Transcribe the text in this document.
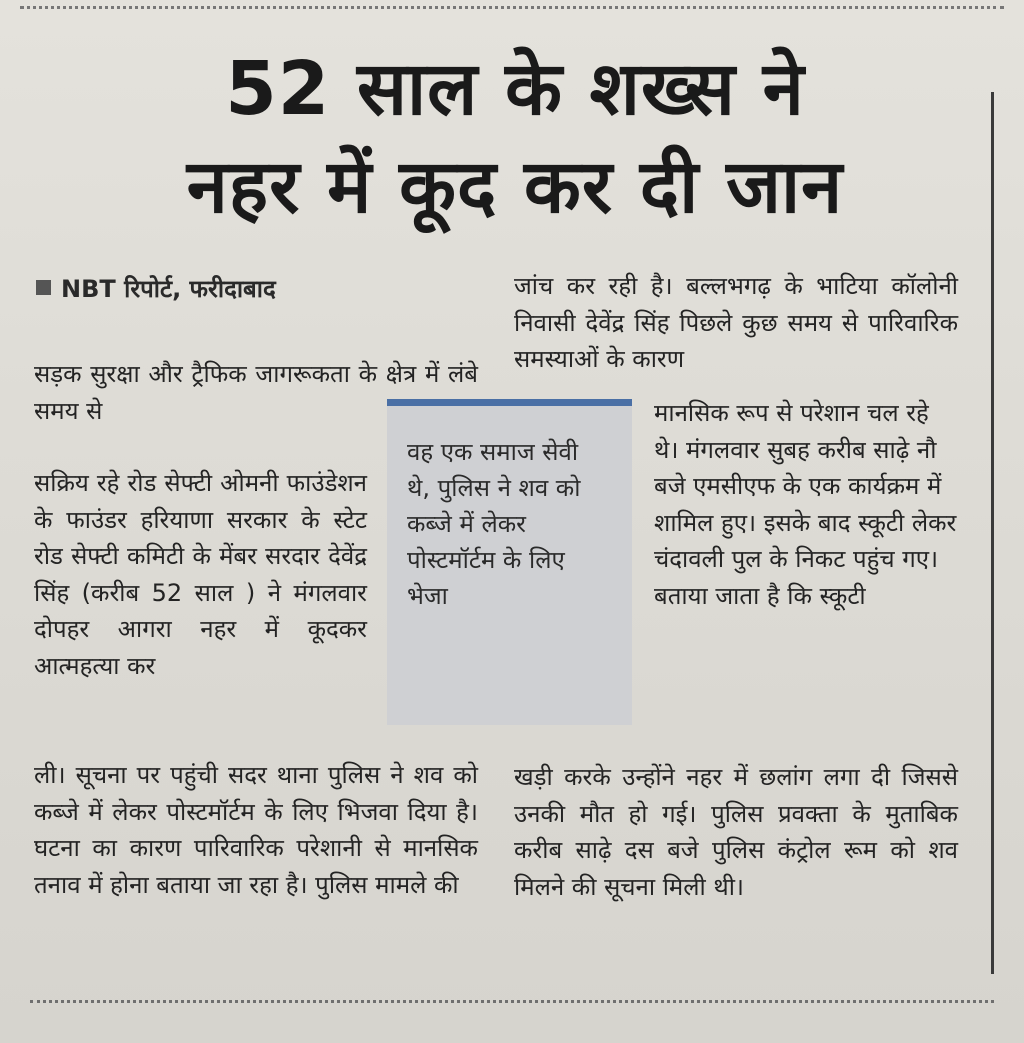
52 साल के शख्स ने
नहर में कूद कर दी जान
NBT रिपोर्ट, फरीदाबाद

सड़क सुरक्षा और ट्रैफिक जागरूकता के क्षेत्र में लंबे समय से

सक्रिय रहे रोड सेफ्टी ओमनी फाउंडेशन के फाउंडर हरियाणा सरकार के स्टेट रोड सेफ्टी कमिटी के मेंबर सरदार देवेंद्र सिंह (करीब 52 साल ) ने मंगलवार दोपहर आगरा नहर में कूदकर आत्महत्या कर

ली। सूचना पर पहुंची सदर थाना पुलिस ने शव को कब्जे में लेकर पोस्टमॉर्टम के लिए भिजवा दिया है। घटना का कारण पारिवारिक परेशानी से मानसिक तनाव में होना बताया जा रहा है। पुलिस मामले की

वह एक समाज सेवी थे, पुलिस ने शव को कब्जे में लेकर पोस्टमॉर्टम के लिए भेजा

जांच कर रही है। बल्लभगढ़ के भाटिया कॉलोनी निवासी देवेंद्र सिंह पिछले कुछ समय से पारिवारिक समस्याओं के कारण

मानसिक रूप से परेशान चल रहे थे। मंगलवार सुबह करीब साढ़े नौ बजे एमसीएफ के एक कार्यक्रम में शामिल हुए। इसके बाद स्कूटी लेकर चंदावली पुल के निकट पहुंच गए। बताया जाता है कि स्कूटी

खड़ी करके उन्होंने नहर में छलांग लगा दी जिससे उनकी मौत हो गई। पुलिस प्रवक्ता के मुताबिक करीब साढ़े दस बजे पुलिस कंट्रोल रूम को शव मिलने की सूचना मिली थी।
